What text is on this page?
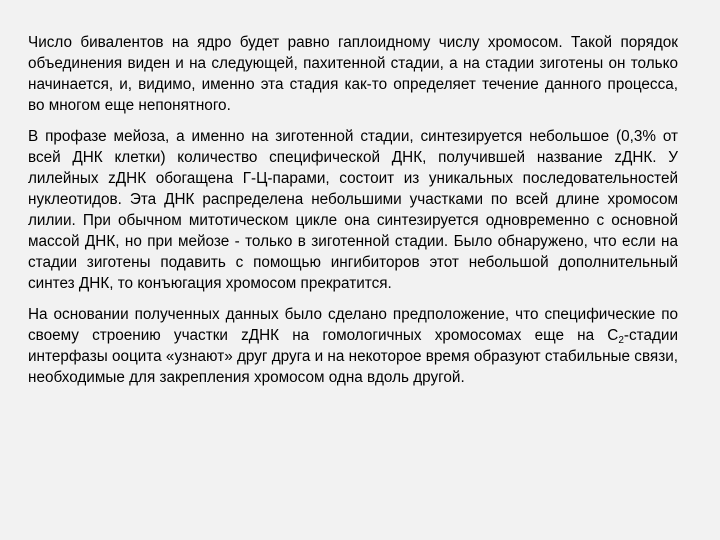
Число бивалентов на ядро будет равно гаплоидному числу хромосом. Такой порядок объединения виден и на следующей, пахитенной стадии, а на стадии зиготены он только начинается, и, видимо, именно эта стадия как-то определяет течение данного процесса, во многом еще непонятного.

В профазе мейоза, а именно на зиготенной стадии, синтезируется небольшое (0,3% от всей ДНК клетки) количество специфической ДНК, получившей название zДНК. У лилейных zДНК обогащена Г-Ц-парами, состоит из уникальных последовательностей нуклеотидов. Эта ДНК распределена небольшими участками по всей длине хромосом лилии. При обычном митотическом цикле она синтезируется одновременно с основной массой ДНК, но при мейозе - только в зиготенной стадии. Было обнаружено, что если на стадии зиготены подавить с помощью ингибиторов этот небольшой дополнительный синтез ДНК, то конъюгация хромосом прекратится.

На основании полученных данных было сделано предположение, что специфические по своему строению участки zДНК на гомологичных хромосомах еще на $С_2$-стадии интерфазы ооцита «узнают» друг друга и на некоторое время образуют стабильные связи, необходимые для закрепления хромосом одна вдоль другой.
